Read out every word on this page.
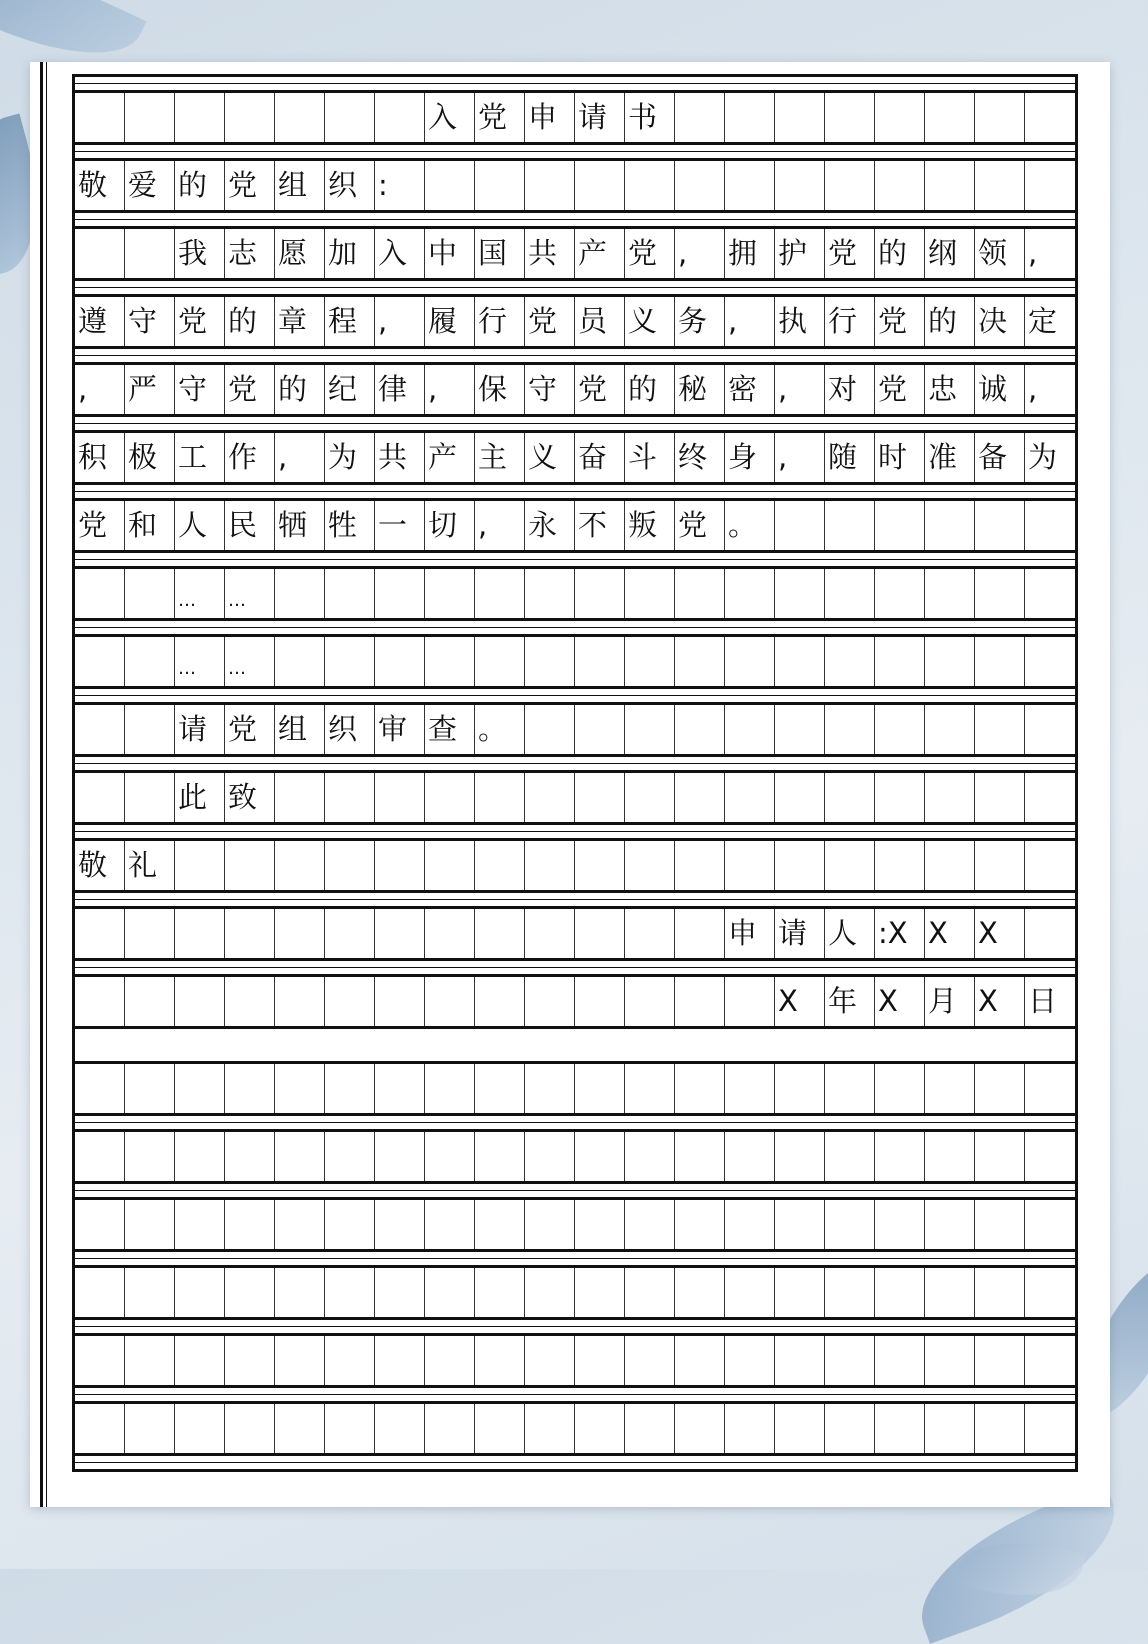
入 党 申 请 书
敬 爱 的 党 组 织 :
我 志 愿 加 入 中 国 共 产 党 ,	拥 护 党 的 纲 领 ,
遵 守 党 的 章 程 ,	履 行 党 员 义 务 ,	执 行 党 的 决 定
,	严 守 党 的 纪 律 ,	保 守 党 的 秘 密 ,	对 党 忠 诚 ,
积 极 工 作 ,	为 共 产 主 义 奋 斗 终 身 ,	随 时 准 备 为
党 和 人 民 牺 牲 一 切 ,	永 不 叛 党 。
…	…
…	…
请 党 组 织 审 查 。
此 致
敬 礼
申 请 人 :X X	X
X	年 X	月 X	日
